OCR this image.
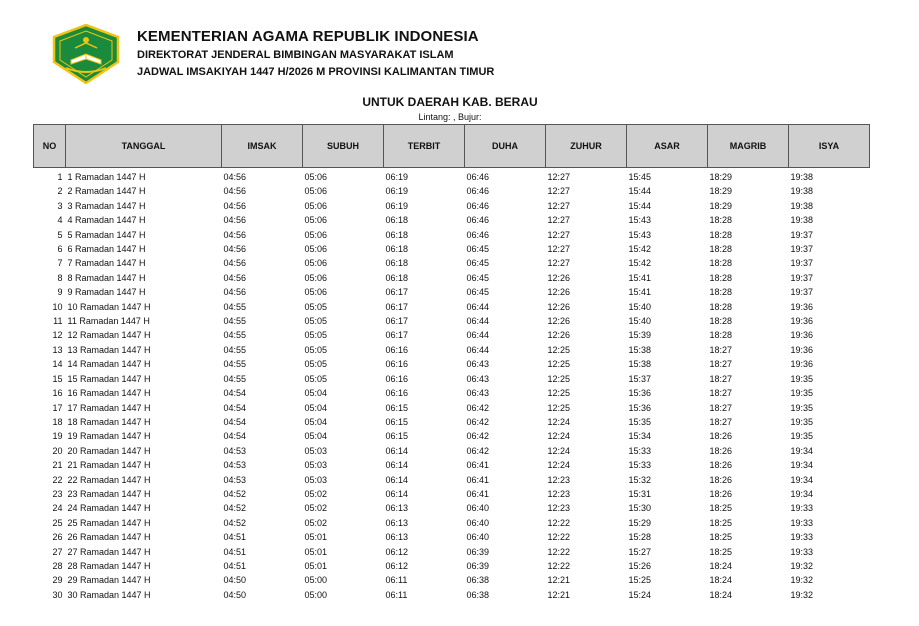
KEMENTERIAN AGAMA REPUBLIK INDONESIA
DIREKTORAT JENDERAL BIMBINGAN MASYARAKAT ISLAM
JADWAL IMSAKIYAH 1447 H/2026 M PROVINSI KALIMANTAN TIMUR
UNTUK DAERAH KAB. BERAU
Lintang: , Bujur:
NO	TANGGAL	IMSAK	SUBUH	TERBIT	DUHA	ZUHUR	ASAR	MAGRIB	ISYA
1	1 Ramadan 1447 H	04:56	05:06	06:19	06:46	12:27	15:45	18:29	19:38
2	2 Ramadan 1447 H	04:56	05:06	06:19	06:46	12:27	15:44	18:29	19:38
3	3 Ramadan 1447 H	04:56	05:06	06:19	06:46	12:27	15:44	18:29	19:38
4	4 Ramadan 1447 H	04:56	05:06	06:18	06:46	12:27	15:43	18:28	19:38
5	5 Ramadan 1447 H	04:56	05:06	06:18	06:46	12:27	15:43	18:28	19:37
6	6 Ramadan 1447 H	04:56	05:06	06:18	06:45	12:27	15:42	18:28	19:37
7	7 Ramadan 1447 H	04:56	05:06	06:18	06:45	12:27	15:42	18:28	19:37
8	8 Ramadan 1447 H	04:56	05:06	06:18	06:45	12:26	15:41	18:28	19:37
9	9 Ramadan 1447 H	04:56	05:06	06:17	06:45	12:26	15:41	18:28	19:37
10	10 Ramadan 1447 H	04:55	05:05	06:17	06:44	12:26	15:40	18:28	19:36
11	11 Ramadan 1447 H	04:55	05:05	06:17	06:44	12:26	15:40	18:28	19:36
12	12 Ramadan 1447 H	04:55	05:05	06:17	06:44	12:26	15:39	18:28	19:36
13	13 Ramadan 1447 H	04:55	05:05	06:16	06:44	12:25	15:38	18:27	19:36
14	14 Ramadan 1447 H	04:55	05:05	06:16	06:43	12:25	15:38	18:27	19:36
15	15 Ramadan 1447 H	04:55	05:05	06:16	06:43	12:25	15:37	18:27	19:35
16	16 Ramadan 1447 H	04:54	05:04	06:16	06:43	12:25	15:36	18:27	19:35
17	17 Ramadan 1447 H	04:54	05:04	06:15	06:42	12:25	15:36	18:27	19:35
18	18 Ramadan 1447 H	04:54	05:04	06:15	06:42	12:24	15:35	18:27	19:35
19	19 Ramadan 1447 H	04:54	05:04	06:15	06:42	12:24	15:34	18:26	19:35
20	20 Ramadan 1447 H	04:53	05:03	06:14	06:42	12:24	15:33	18:26	19:34
21	21 Ramadan 1447 H	04:53	05:03	06:14	06:41	12:24	15:33	18:26	19:34
22	22 Ramadan 1447 H	04:53	05:03	06:14	06:41	12:23	15:32	18:26	19:34
23	23 Ramadan 1447 H	04:52	05:02	06:14	06:41	12:23	15:31	18:26	19:34
24	24 Ramadan 1447 H	04:52	05:02	06:13	06:40	12:23	15:30	18:25	19:33
25	25 Ramadan 1447 H	04:52	05:02	06:13	06:40	12:22	15:29	18:25	19:33
26	26 Ramadan 1447 H	04:51	05:01	06:13	06:40	12:22	15:28	18:25	19:33
27	27 Ramadan 1447 H	04:51	05:01	06:12	06:39	12:22	15:27	18:25	19:33
28	28 Ramadan 1447 H	04:51	05:01	06:12	06:39	12:22	15:26	18:24	19:32
29	29 Ramadan 1447 H	04:50	05:00	06:11	06:38	12:21	15:25	18:24	19:32
30	30 Ramadan 1447 H	04:50	05:00	06:11	06:38	12:21	15:24	18:24	19:32
